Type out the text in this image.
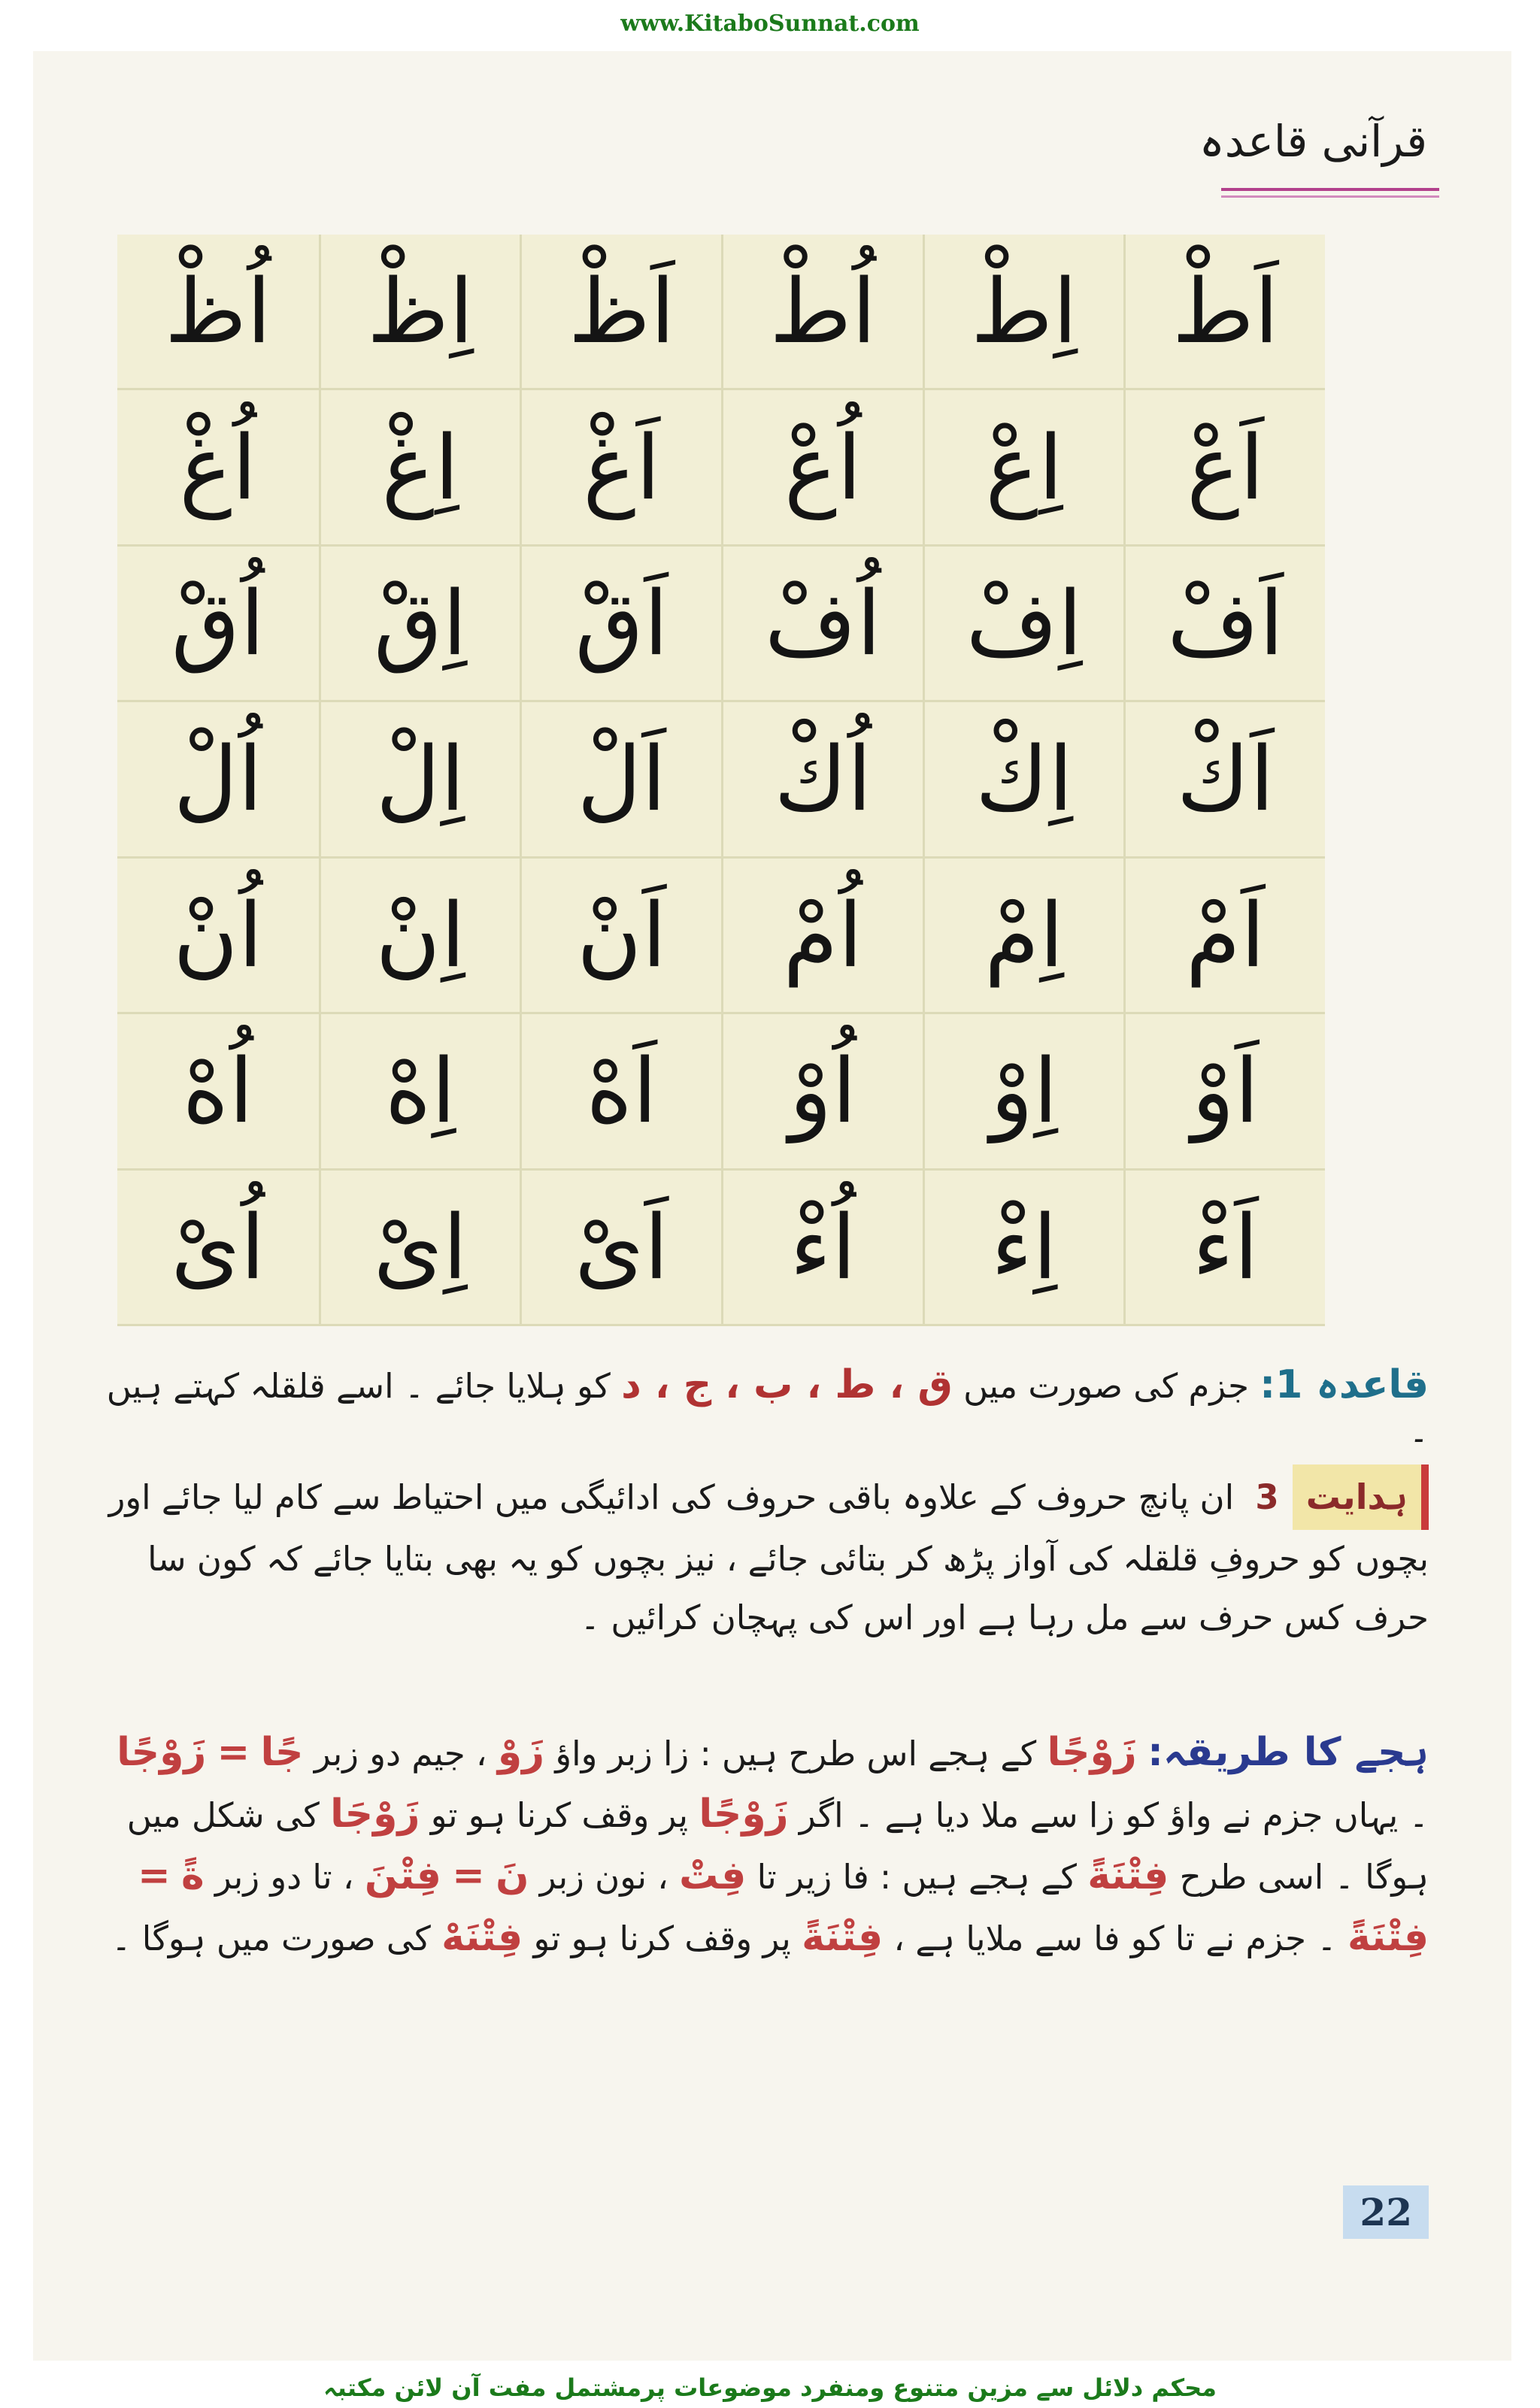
www.KitaboSunnat.com
قرآنی قاعدہ
اَطْ
اِطْ
اُطْ
اَظْ
اِظْ
اُظْ
اَعْ
اِعْ
اُعْ
اَغْ
اِغْ
اُغْ
اَفْ
اِفْ
اُفْ
اَقْ
اِقْ
اُقْ
اَكْ
اِكْ
اُكْ
اَلْ
اِلْ
اُلْ
اَمْ
اِمْ
اُمْ
اَنْ
اِنْ
اُنْ
اَوْ
اِوْ
اُوْ
اَهْ
اِهْ
اُهْ
اَءْ
اِءْ
اُءْ
اَیْ
اِیْ
اُیْ
قاعدہ 1: جزم کی صورت میں ق ، ط ، ب ، ج ، د کو ہلایا جائے ۔ اسے قلقلہ کہتے ہیں ۔
ہدایت3 ان پانچ حروف کے علاوہ باقی حروف کی ادائیگی میں احتیاط سے کام لیا جائے اور بچوں کو حروفِ قلقلہ کی آواز پڑھ کر بتائی جائے ، نیز بچوں کو یہ بھی بتایا جائے کہ کون سا حرف کس حرف سے مل رہا ہے اور اس کی پہچان کرائیں ۔
ہجے کا طریقہ: زَوْجًا کے ہجے اس طرح ہیں : زا زبر واؤ زَوْ ، جیم دو زبر جًا = زَوْجًا ۔ یہاں جزم نے واؤ کو زا سے ملا دیا ہے ۔ اگر زَوْجًا پر وقف کرنا ہو تو زَوْجَا کی شکل میں ہوگا ۔ اسی طرح فِتْنَةً کے ہجے ہیں : فا زیر تا فِتْ ، نون زبر نَ = فِتْنَ ، تا دو زبر ةً = فِتْنَةً ۔ جزم نے تا کو فا سے ملایا ہے ، فِتْنَةً پر وقف کرنا ہو تو فِتْنَهْ کی صورت میں ہوگا ۔
22
محکم دلائل سے مزین متنوع ومنفرد موضوعات پرمشتمل مفت آن لائن مکتبہ
